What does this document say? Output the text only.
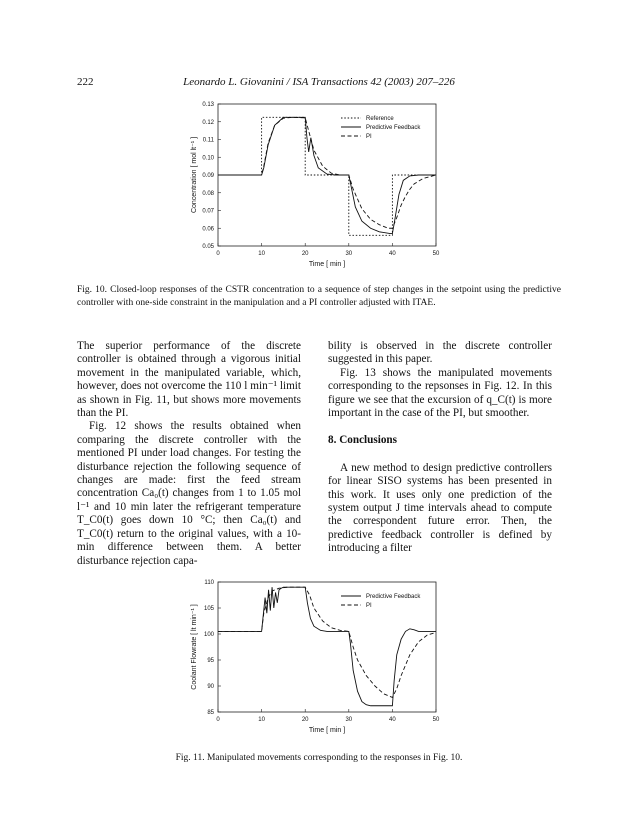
222	Leonardo L. Giovanini / ISA Transactions 42 (2003) 207–226
0	10	20	30	40	50
0.05
0.06
0.07
0.08
0.09
0.10
0.11
0.12
0.13
Time [ min ]
Concentration [ mol lt⁻¹ ]
Reference
Predictive Feedback
PI
Fig. 10. Closed-loop responses of the CSTR concentration to a sequence of step changes in the setpoint using the predictive controller with one-side constraint in the manipulation and a PI controller adjusted with ITAE.

The superior performance of the discrete controller is obtained through a vigorous initial movement in the manipulated variable, which, however, does not overcome the 110 l min⁻¹ limit as shown in Fig. 11, but shows more movements than the PI.

Fig. 12 shows the results obtained when comparing the discrete controller with the mentioned PI under load changes. For testing the disturbance rejection the following sequence of changes are made: first the feed stream concentration Ca₀(t) changes from 1 to 1.05 mol l⁻¹ and 10 min later the refrigerant temperature T_C0(t) goes down 10 °C; then Ca₀(t) and T_C0(t) return to the original values, with a 10-min difference between them. A better disturbance rejection capa-

bility is observed in the discrete controller suggested in this paper.

Fig. 13 shows the manipulated movements corresponding to the repsonses in Fig. 12. In this figure we see that the excursion of q_C(t) is more important in the case of the PI, but smoother.

8. Conclusions

A new method to design predictive controllers for linear SISO systems has been presented in this work. It uses only one prediction of the system output J time intervals ahead to compute the correspondent future error. Then, the predictive feedback controller is defined by introducing a filter

0	10	20	30	40	50
85
90
95
100
105
110
Time [ min ]
Coolant Flowrate [ lt min⁻¹ ]
Predictive Feedback
PI
Fig. 11. Manipulated movements corresponding to the responses in Fig. 10.
